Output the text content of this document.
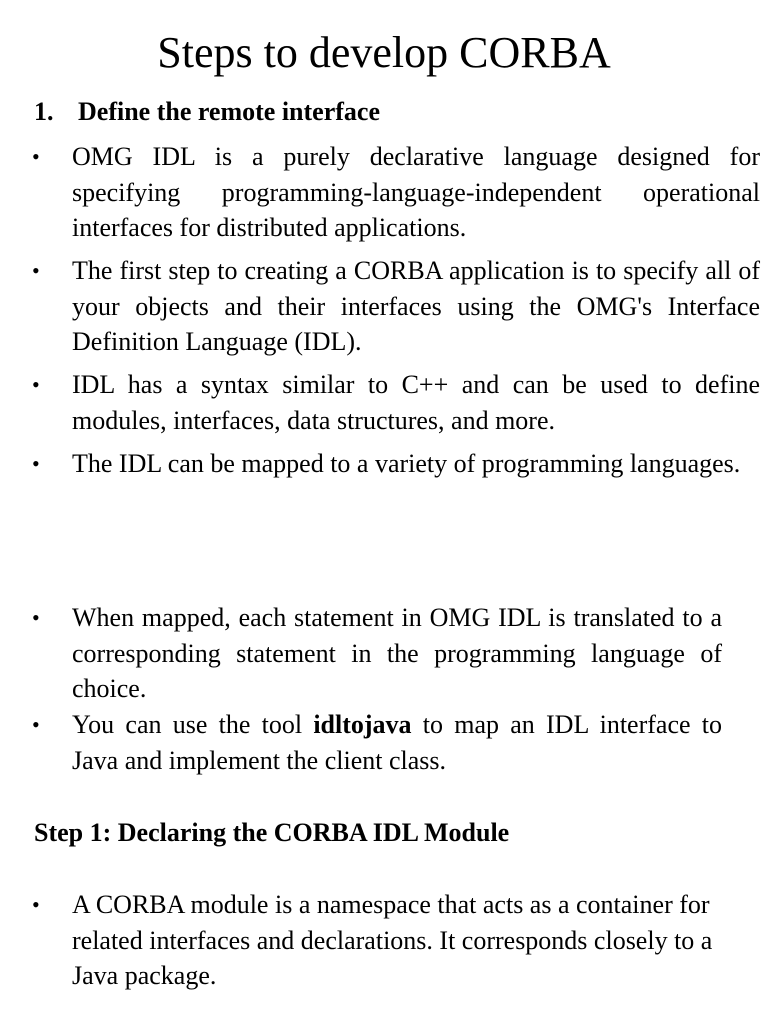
Steps to develop CORBA
1. Define the remote interface
•	OMG IDL is a purely declarative language designed for specifying programming-language-independent operational interfaces for distributed applications.
•	The first step to creating a CORBA application is to specify all of your objects and their interfaces using the OMG's Interface Definition Language (IDL).
•	IDL has a syntax similar to C++ and can be used to define modules, interfaces, data structures, and more.
•	The IDL can be mapped to a variety of programming languages.
•	When mapped, each statement in OMG IDL is translated to a corresponding statement in the programming language of choice.
•	You can use the tool idltojava to map an IDL interface to Java and implement the client class.
Step 1: Declaring the CORBA IDL Module
•	A CORBA module is a namespace that acts as a container for related interfaces and declarations. It corresponds closely to a Java package.
